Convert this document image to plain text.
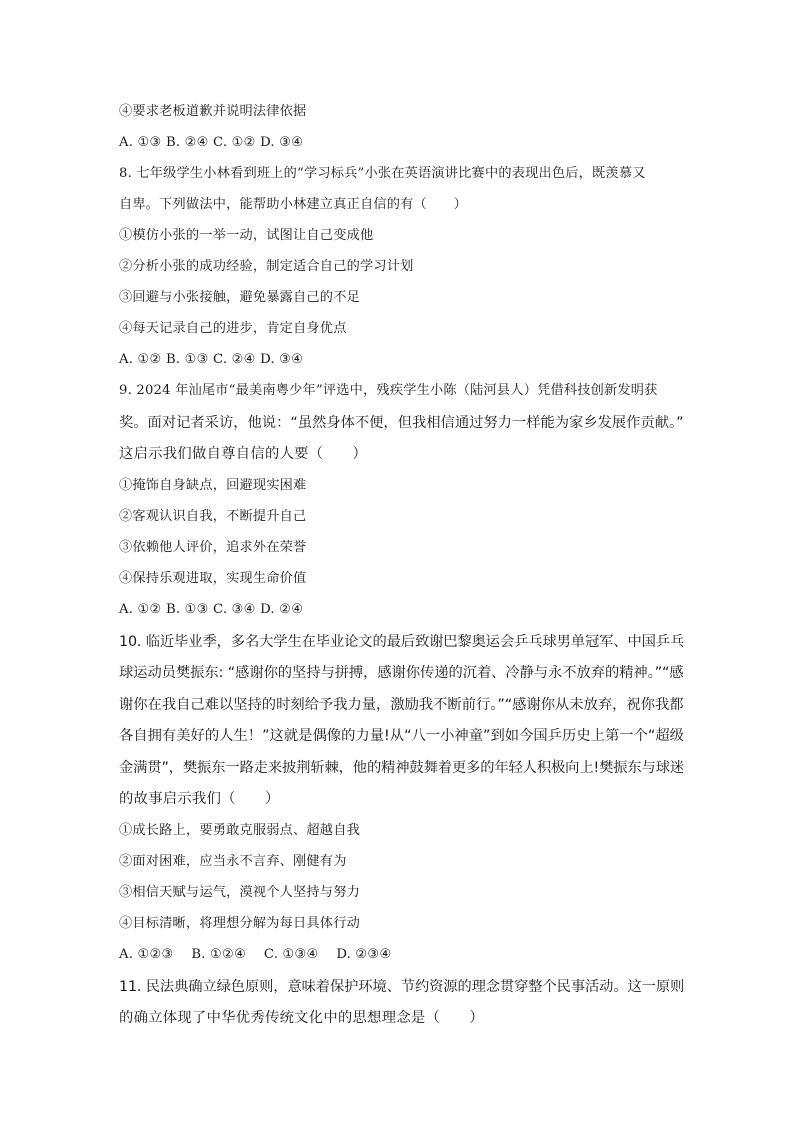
④要求老板道歉并说明法律依据
A. ①③ B. ②④ C. ①② D. ③④
8. 七年级学生小林看到班上的“学习标兵”小张在英语演讲比赛中的表现出色后，既羡慕又
自卑。下列做法中，能帮助小林建立真正自信的有（　　）
①模仿小张的一举一动，试图让自己变成他
②分析小张的成功经验，制定适合自己的学习计划
③回避与小张接触，避免暴露自己的不足
④每天记录自己的进步，肯定自身优点
A. ①② B. ①③ C. ②④ D. ③④
9. 2024 年汕尾市“最美南粤少年”评选中，残疾学生小陈（陆河县人）凭借科技创新发明获
奖。面对记者采访，他说：“虽然身体不便，但我相信通过努力一样能为家乡发展作贡献。”
这启示我们做自尊自信的人要（　　）
①掩饰自身缺点，回避现实困难
②客观认识自我，不断提升自己
③依赖他人评价，追求外在荣誉
④保持乐观进取，实现生命价值
A. ①② B. ①③ C. ③④ D. ②④
10. 临近毕业季，多名大学生在毕业论文的最后致谢巴黎奥运会乒乓球男单冠军、中国乒乓
球运动员樊振东: “感谢你的坚持与拼搏，感谢你传递的沉着、冷静与永不放弃的精神。”“感
谢你在我自己难以坚持的时刻给予我力量，激励我不断前行。”“感谢你从未放弃，祝你我都
各自拥有美好的人生！”这就是偶像的力量!从“八一小神童”到如今国乒历史上第一个“超级
金满贯”，樊振东一路走来披荆斩棘，他的精神鼓舞着更多的年轻人积极向上!樊振东与球迷
的故事启示我们（　　）
①成长路上，要勇敢克服弱点、超越自我
②面对困难，应当永不言弃、刚健有为
③相信天赋与运气，漠视个人坚持与努力
④目标清晰，将理想分解为每日具体行动
A. ①②③　 B. ①②④　 C. ①③④　 D. ②③④
11. 民法典确立绿色原则，意味着保护环境、节约资源的理念贯穿整个民事活动。这一原则
的确立体现了中华优秀传统文化中的思想理念是（　　）
